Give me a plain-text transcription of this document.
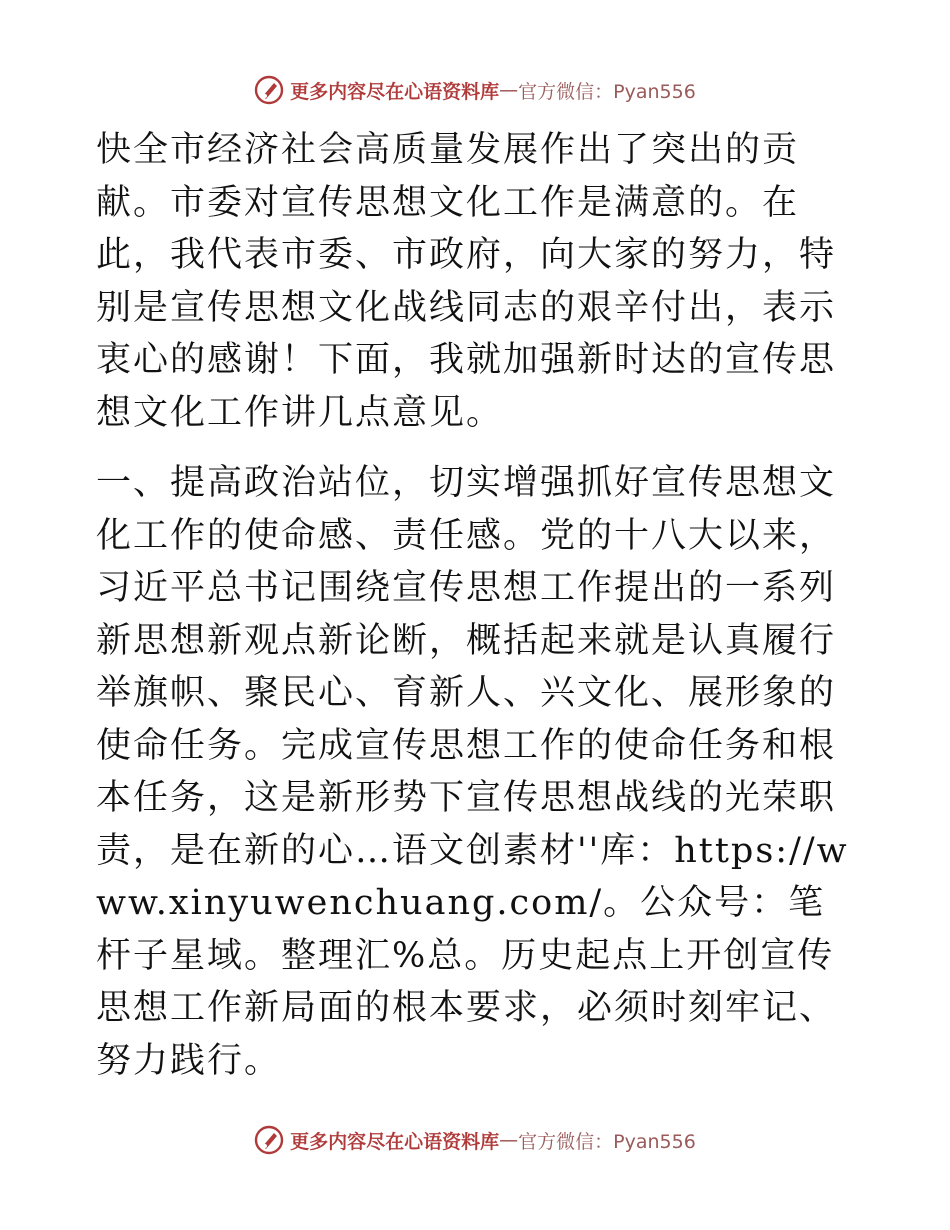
更多内容尽在心语资料库 — 官方微信：Pyan556

快全市经济社会高质量发展作出了突出的贡献。市委对宣传思想文化工作是满意的。在此，我代表市委、市政府，向大家的努力，特别是宣传思想文化战线同志的艰辛付出，表示衷心的感谢！下面，我就加强新时达的宣传思想文化工作讲几点意见。

一、提高政治站位，切实增强抓好宣传思想文化工作的使命感、责任感。党的十八大以来，习近平总书记围绕宣传思想工作提出的一系列新思想新观点新论断，概括起来就是认真履行举旗帜、聚民心、育新人、兴文化、展形象的使命任务。完成宣传思想工作的使命任务和根本任务，这是新形势下宣传思想战线的光荣职责，是在新的心…语文创素材''库：https://www.xinyuwenchuang.com/。公众号：笔杆子星域。整理汇%总。历史起点上开创宣传思想工作新局面的根本要求，必须时刻牢记、努力践行。

更多内容尽在心语资料库 — 官方微信：Pyan556
